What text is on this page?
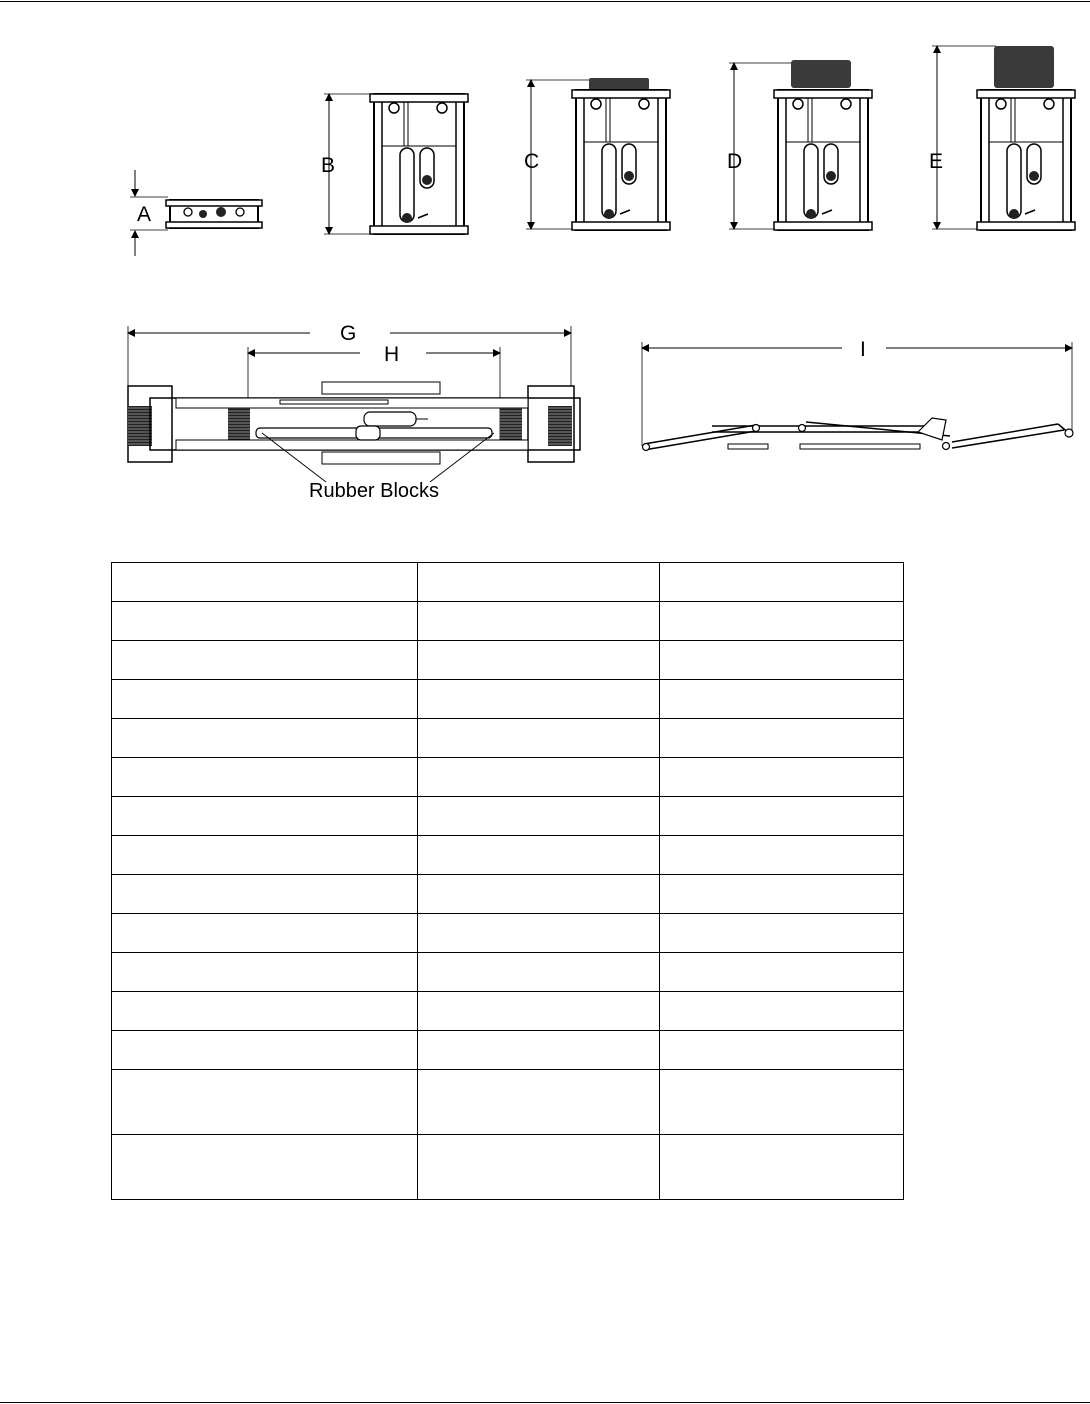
A
B	C	D	E
G
H	I
Rubber Blocks
